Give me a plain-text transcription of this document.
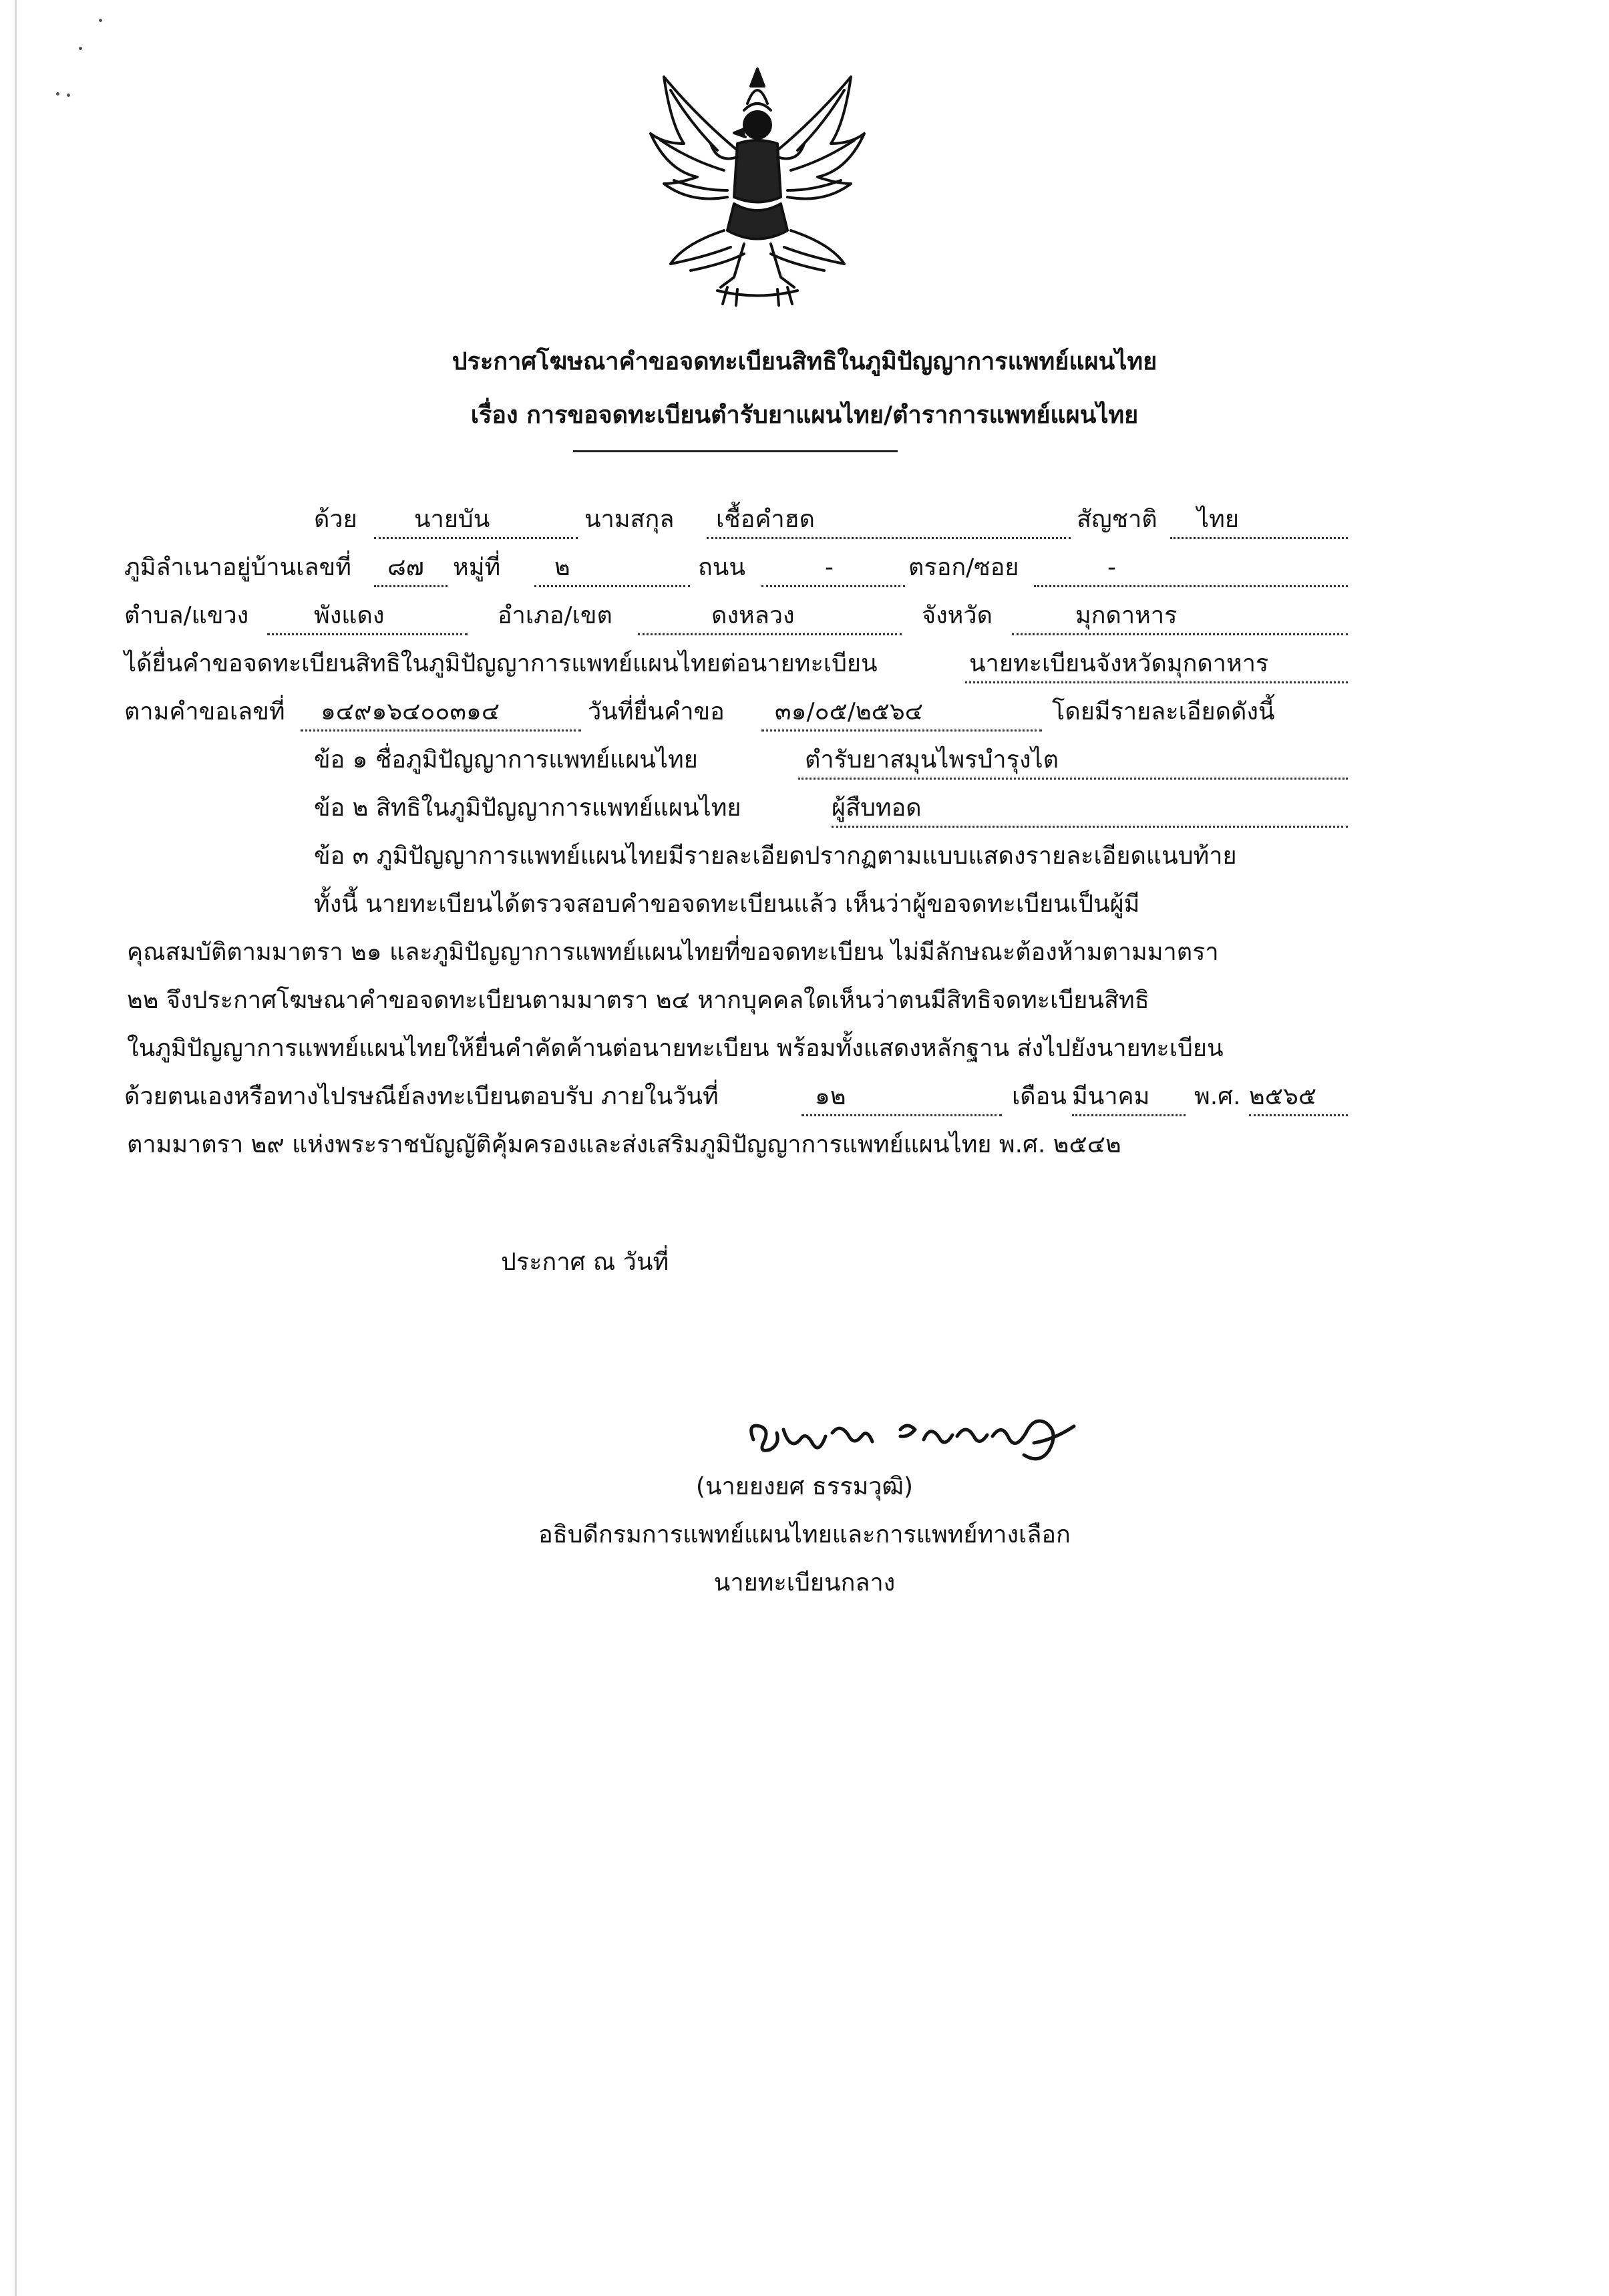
ประกาศโฆษณาคำขอจดทะเบียนสิทธิในภูมิปัญญาการแพทย์แผนไทย
เรื่อง การขอจดทะเบียนตำรับยาแผนไทย/ตำราการแพทย์แผนไทย
ด้วย นายบัน	นามสกุล เชื้อคำฮด	สัญชาติ ไทย
ภูมิลำเนาอยู่บ้านเลขที่ ๘๗ หมู่ที่ ๒	ถนน	-	ตรอก/ซอย	-
ตำบล/แขวง	พังแดง	อำเภอ/เขต	ดงหลวง	จังหวัด	มุกดาหาร
ได้ยื่นคำขอจดทะเบียนสิทธิในภูมิปัญญาการแพทย์แผนไทยต่อนายทะเบียน	นายทะเบียนจังหวัดมุกดาหาร
ตามคำขอเลขที่ ๑๔๙๑๖๔๐๐๓๑๔	วันที่ยื่นคำขอ ๓๑/๐๕/๒๕๖๔	โดยมีรายละเอียดดังนี้
ข้อ ๑ ชื่อภูมิปัญญาการแพทย์แผนไทย	ตำรับยาสมุนไพรบำรุงไต
ข้อ ๒ สิทธิในภูมิปัญญาการแพทย์แผนไทย	ผู้สืบทอด
ข้อ ๓ ภูมิปัญญาการแพทย์แผนไทยมีรายละเอียดปรากฏตามแบบแสดงรายละเอียดแนบท้าย
ทั้งนี้ นายทะเบียนได้ตรวจสอบคำขอจดทะเบียนแล้ว เห็นว่าผู้ขอจดทะเบียนเป็นผู้มี
คุณสมบัติตามมาตรา ๒๑ และภูมิปัญญาการแพทย์แผนไทยที่ขอจดทะเบียน ไม่มีลักษณะต้องห้ามตามมาตรา
๒๒ จึงประกาศโฆษณาคำขอจดทะเบียนตามมาตรา ๒๔ หากบุคคลใดเห็นว่าตนมีสิทธิจดทะเบียนสิทธิ
ในภูมิปัญญาการแพทย์แผนไทยให้ยื่นคำคัดค้านต่อนายทะเบียน พร้อมทั้งแสดงหลักฐาน ส่งไปยังนายทะเบียน
ด้วยตนเองหรือทางไปรษณีย์ลงทะเบียนตอบรับ ภายในวันที่	๑๒	เดือน มีนาคม พ.ศ. ๒๕๖๕
ตามมาตรา ๒๙ แห่งพระราชบัญญัติคุ้มครองและส่งเสริมภูมิปัญญาการแพทย์แผนไทย พ.ศ. ๒๕๔๒
ประกาศ ณ วันที่
(นายยงยศ ธรรมวุฒิ)
อธิบดีกรมการแพทย์แผนไทยและการแพทย์ทางเลือก
นายทะเบียนกลาง
